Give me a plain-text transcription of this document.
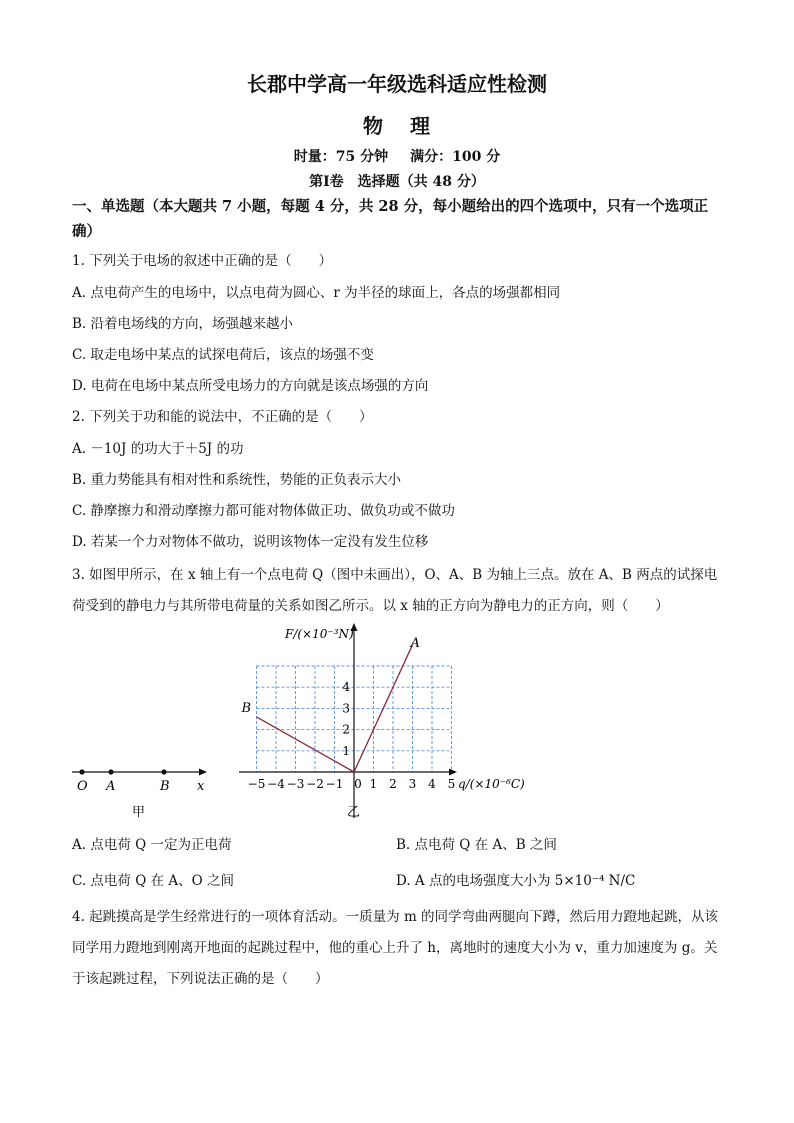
长郡中学高一年级选科适应性检测
物 理
时量：75 分钟 满分：100 分
第Ⅰ卷　选择题（共 48 分）
一、单选题（本大题共 7 小题，每题 4 分，共 28 分，每小题给出的四个选项中，只有一个选项正确）
1. 下列关于电场的叙述中正确的是（　　）
A. 点电荷产生的电场中，以点电荷为圆心、r 为半径的球面上，各点的场强都相同
B. 沿着电场线的方向，场强越来越小
C. 取走电场中某点的试探电荷后，该点的场强不变
D. 电荷在电场中某点所受电场力的方向就是该点场强的方向
2. 下列关于功和能的说法中，不正确的是（　　）
A. －10J 的功大于＋5J 的功
B. 重力势能具有相对性和系统性，势能的正负表示大小
C. 静摩擦力和滑动摩擦力都可能对物体做正功、做负功或不做功
D. 若某一个力对物体不做功，说明该物体一定没有发生位移
3. 如图甲所示，在 x 轴上有一个点电荷 Q（图中未画出），O、A、B 为轴上三点。放在 A、B 两点的试探电荷受到的静电力与其所带电荷量的关系如图乙所示。以 x 轴的正方向为静电力的正方向，则（　　）
O A	B x
甲
A
B
−5 −4 −3 −2 −1 0 1 2 3 4 5
1
2
3
4
F/(×10⁻³N)
q/(×10⁻⁶C)
乙
A. 点电荷 Q 一定为正电荷	B. 点电荷 Q 在 A、B 之间
C. 点电荷 Q 在 A、O 之间	D. A 点的电场强度大小为 5×10⁻⁴ N/C
4. 起跳摸高是学生经常进行的一项体育活动。一质量为 m 的同学弯曲两腿向下蹲，然后用力蹬地起跳，从该同学用力蹬地到刚离开地面的起跳过程中，他的重心上升了 h，离地时的速度大小为 v，重力加速度为 g。关于该起跳过程，下列说法正确的是（　　）
